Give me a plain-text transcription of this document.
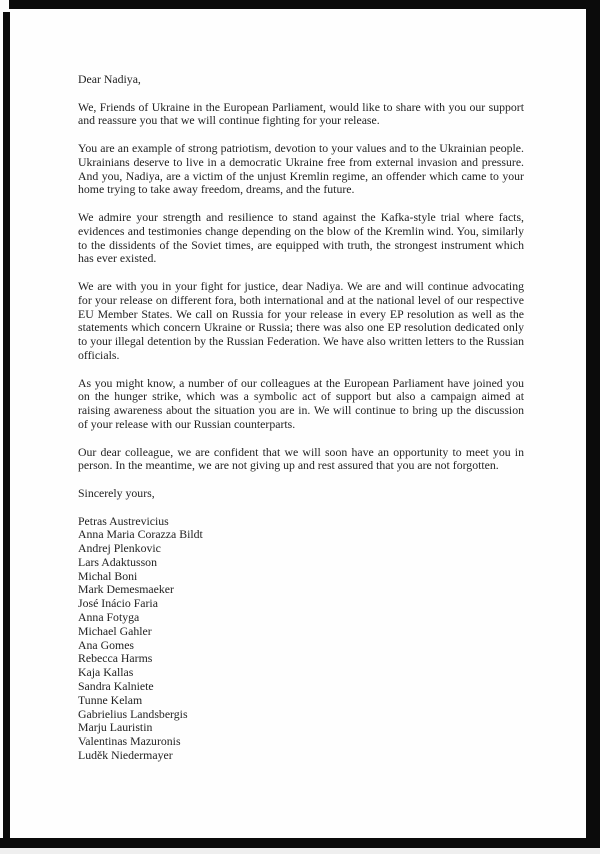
Dear Nadiya,

We, Friends of Ukraine in the European Parliament, would like to share with you our support and reassure you that we will continue fighting for your release.

You are an example of strong patriotism, devotion to your values and to the Ukrainian people. Ukrainians deserve to live in a democratic Ukraine free from external invasion and pressure. And you, Nadiya, are a victim of the unjust Kremlin regime, an offender which came to your home trying to take away freedom, dreams, and the future.

We admire your strength and resilience to stand against the Kafka-style trial where facts, evidences and testimonies change depending on the blow of the Kremlin wind. You, similarly to the dissidents of the Soviet times, are equipped with truth, the strongest instrument which has ever existed.

We are with you in your fight for justice, dear Nadiya. We are and will continue advocating for your release on different fora, both international and at the national level of our respective EU Member States. We call on Russia for your release in every EP resolution as well as the statements which concern Ukraine or Russia; there was also one EP resolution dedicated only to your illegal detention by the Russian Federation. We have also written letters to the Russian officials.

As you might know, a number of our colleagues at the European Parliament have joined you on the hunger strike, which was a symbolic act of support but also a campaign aimed at raising awareness about the situation you are in. We will continue to bring up the discussion of your release with our Russian counterparts.

Our dear colleague, we are confident that we will soon have an opportunity to meet you in person. In the meantime, we are not giving up and rest assured that you are not forgotten.

Sincerely yours,

Petras Austrevicius
Anna Maria Corazza Bildt
Andrej Plenkovic
Lars Adaktusson
Michal Boni
Mark Demesmaeker
José Inácio Faria
Anna Fotyga
Michael Gahler
Ana Gomes
Rebecca Harms
Kaja Kallas
Sandra Kalniete
Tunne Kelam
Gabrielius Landsbergis
Marju Lauristin
Valentinas Mazuronis
Luděk Niedermayer
